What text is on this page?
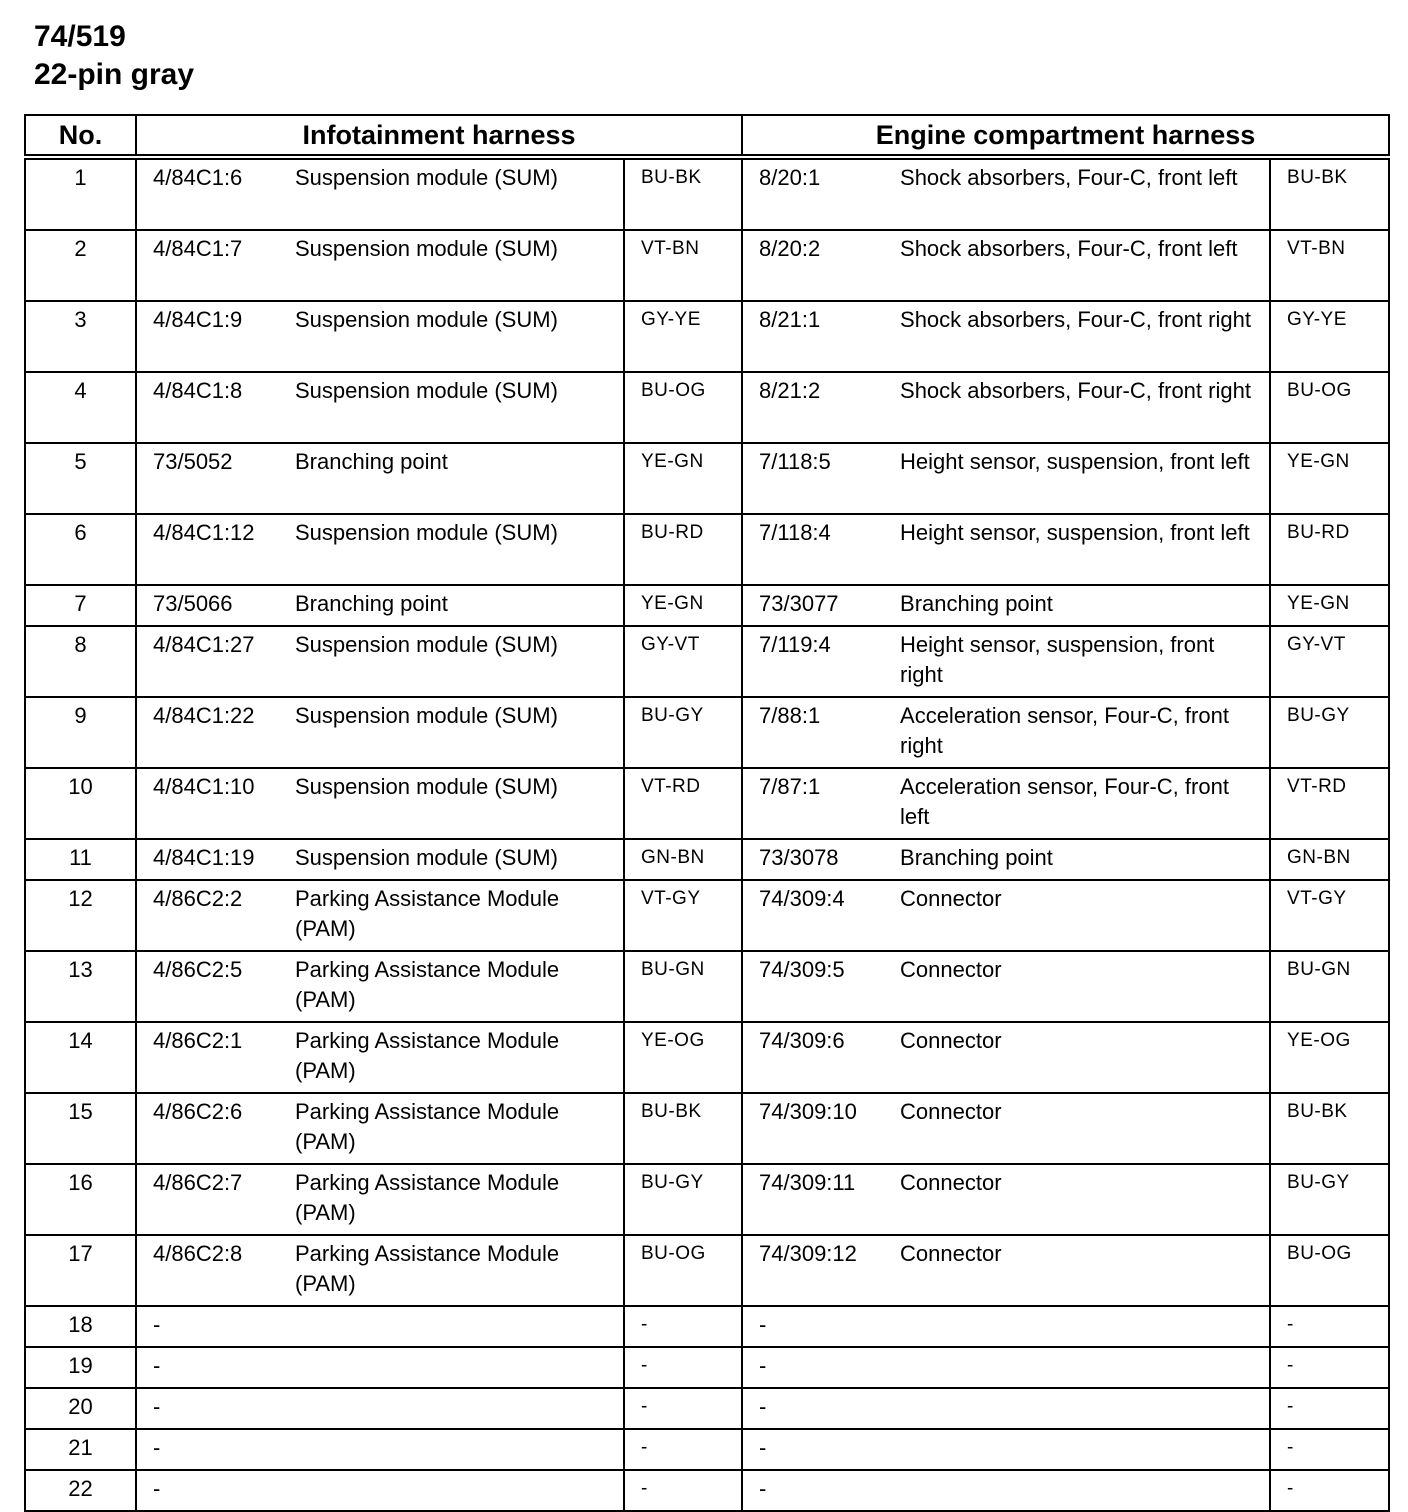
74/519
22-pin gray
No.	Infotainment harness		Engine compartment harness	
1	4/84C1:6 Suspension module (SUM)	BU-BK	8/20:1 Shock absorbers, Four-C, front left	BU-BK
2	4/84C1:7 Suspension module (SUM)	VT-BN	8/20:2 Shock absorbers, Four-C, front left	VT-BN
3	4/84C1:9 Suspension module (SUM)	GY-YE	8/21:1 Shock absorbers, Four-C, front right	GY-YE
4	4/84C1:8 Suspension module (SUM)	BU-OG	8/21:2 Shock absorbers, Four-C, front right	BU-OG
5	73/5052 Branching point	YE-GN	7/118:5 Height sensor, suspension, front left	YE-GN
6	4/84C1:12 Suspension module (SUM)	BU-RD	7/118:4 Height sensor, suspension, front left	BU-RD
7	73/5066 Branching point	YE-GN	73/3077 Branching point	YE-GN
8	4/84C1:27 Suspension module (SUM)	GY-VT	7/119:4 Height sensor, suspension, front right	GY-VT
9	4/84C1:22 Suspension module (SUM)	BU-GY	7/88:1 Acceleration sensor, Four-C, front right	BU-GY
10	4/84C1:10 Suspension module (SUM)	VT-RD	7/87:1 Acceleration sensor, Four-C, front left	VT-RD
11	4/84C1:19 Suspension module (SUM)	GN-BN	73/3078 Branching point	GN-BN
12	4/86C2:2 Parking Assistance Module (PAM)	VT-GY	74/309:4 Connector	VT-GY
13	4/86C2:5 Parking Assistance Module (PAM)	BU-GN	74/309:5 Connector	BU-GN
14	4/86C2:1 Parking Assistance Module (PAM)	YE-OG	74/309:6 Connector	YE-OG
15	4/86C2:6 Parking Assistance Module (PAM)	BU-BK	74/309:10 Connector	BU-BK
16	4/86C2:7 Parking Assistance Module (PAM)	BU-GY	74/309:11 Connector	BU-GY
17	4/86C2:8 Parking Assistance Module (PAM)	BU-OG	74/309:12 Connector	BU-OG
18	-	-	-	-
19	-	-	-	-
20	-	-	-	-
21	-	-	-	-
22	-	-	-	-
